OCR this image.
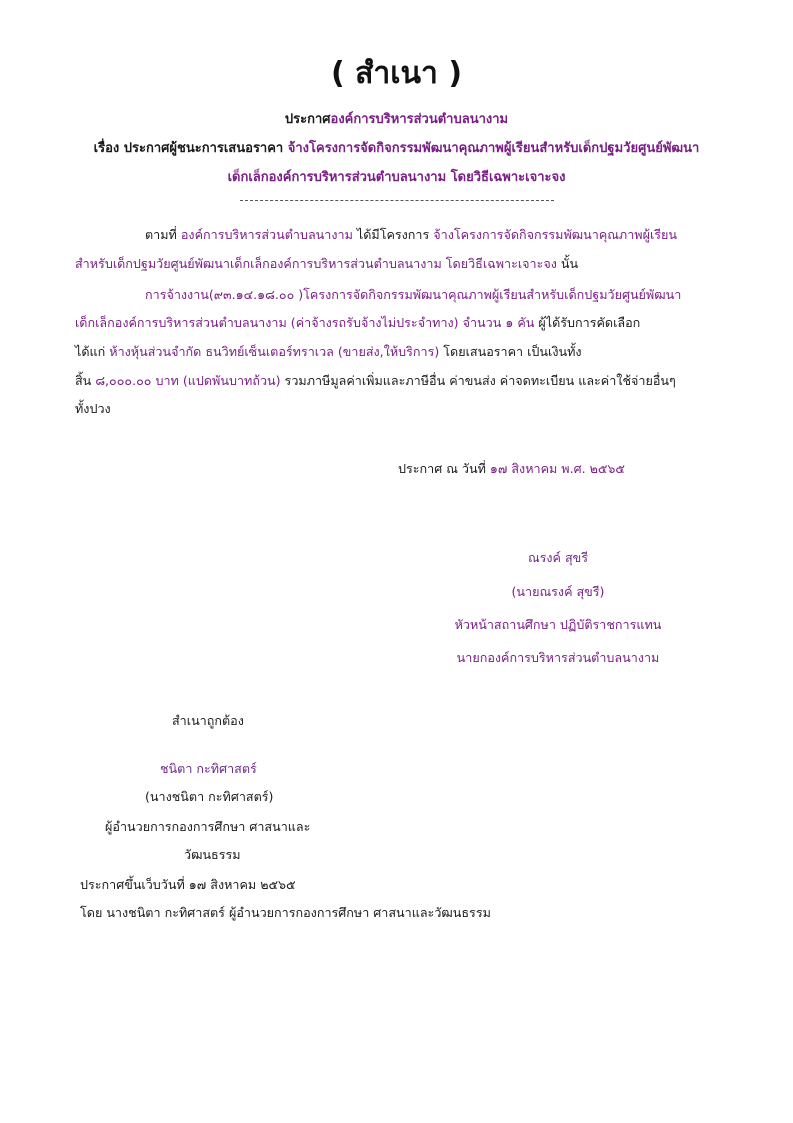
( สำเนา )
ประกาศองค์การบริหารส่วนตำบลนางาม
เรื่อง ประกาศผู้ชนะการเสนอราคา จ้างโครงการจัดกิจกรรมพัฒนาคุณภาพผู้เรียนสำหรับเด็กปฐมวัยศูนย์พัฒนา
เด็กเล็กองค์การบริหารส่วนตำบลนางาม โดยวิธีเฉพาะเจาะจง
ตามที่ องค์การบริหารส่วนตำบลนางาม ได้มีโครงการ จ้างโครงการจัดกิจกรรมพัฒนาคุณภาพผู้เรียน
สำหรับเด็กปฐมวัยศูนย์พัฒนาเด็กเล็กองค์การบริหารส่วนตำบลนางาม โดยวิธีเฉพาะเจาะจง นั้น
การจ้างงาน(๙๓.๑๔.๑๘.๐๐ )โครงการจัดกิจกรรมพัฒนาคุณภาพผู้เรียนสำหรับเด็กปฐมวัยศูนย์พัฒนา
เด็กเล็กองค์การบริหารส่วนตำบลนางาม (ค่าจ้างรถรับจ้างไม่ประจำทาง) จำนวน ๑ คัน ผู้ได้รับการคัดเลือก
ได้แก่ ห้างหุ้นส่วนจำกัด ธนวิทย์เซ็นเตอร์ทราเวล (ขายส่ง,ให้บริการ) โดยเสนอราคา เป็นเงินทั้ง
สิ้น ๘,๐๐๐.๐๐ บาท (แปดพันบาทถ้วน) รวมภาษีมูลค่าเพิ่มและภาษีอื่น ค่าขนส่ง ค่าจดทะเบียน และค่าใช้จ่ายอื่นๆ
ทั้งปวง
ประกาศ ณ วันที่ ๑๗ สิงหาคม พ.ศ. ๒๕๖๕
ณรงค์ สุขรี
(นายณรงค์ สุขรี)
หัวหน้าสถานศึกษา ปฏิบัติราชการแทน
นายกองค์การบริหารส่วนตำบลนางาม
สำเนาถูกต้อง
ชนิตา กะทิศาสตร์
(นางชนิตา กะทิศาสตร์)
ผู้อำนวยการกองการศึกษา ศาสนาและ
วัฒนธรรม
ประกาศขึ้นเว็บวันที่ ๑๗ สิงหาคม ๒๕๖๕
โดย นางชนิตา กะทิศาสตร์ ผู้อำนวยการกองการศึกษา ศาสนาและวัฒนธรรม
